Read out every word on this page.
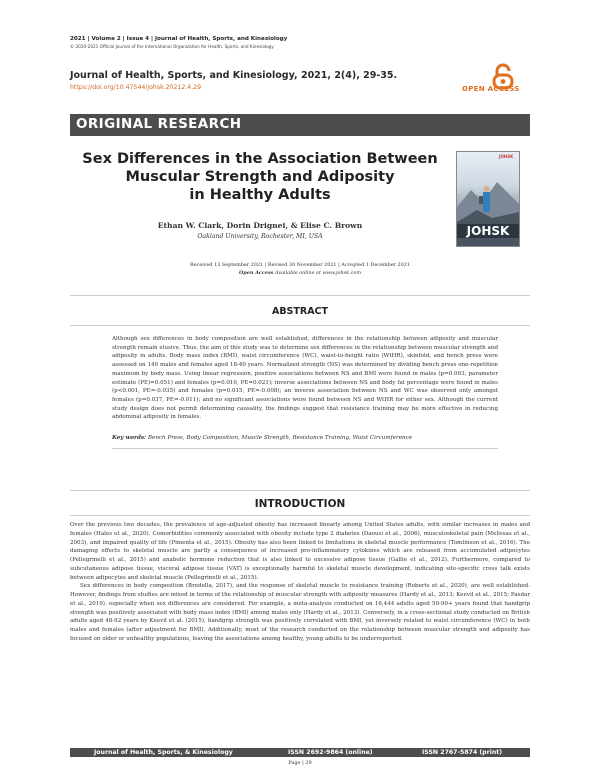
2021 | Volume 2 | Issue 4 | Journal of Health, Sports, and Kinesiology
© 2020-2021 Official Journal of the International Organization for Health, Sports, and Kinesiology
Journal of Health, Sports, and Kinesiology, 2021, 2(4), 29-35.
https://doi.org/10.47544/johsk.20212.4.29	OPEN ACCESS
ORIGINAL RESEARCH
Sex Differences in the Association Between
Muscular Strength and Adiposity
in Healthy Adults
JOHSK
JOHSK
Ethan W. Clark, Dorin Drignei, & Elise C. Brown
Oakland University, Rochester, MI, USA
Received 13 September 2021 | Revised 30 November 2021 | Accepted 1 December 2021
Open Access Available online at www.johsk.com
ABSTRACT
Although sex differences in body composition are well established, differences in the relationship between adiposity and muscular strength remain elusive. Thus, the aim of this study was to determine sex differences in the relationship between muscular strength and adiposity in adults. Body mass index (BMI), waist circumference (WC), waist-to-height ratio (WtHR), skinfold, and bench press were assessed on 140 males and females aged 18-40 years. Normalized strength (NS) was determined by dividing bench press one-repetition maximum by body mass. Using linear regression, positive associations between NS and BMI were found in males (p=0.003, parameter estimate (PE)=0.051) and females (p=0.010, PE=0.021); inverse associations between NS and body fat percentage were found in males (p<0.001, PE=-0.035) and females (p=0.015, PE=-0.008); an inverse association between NS and WC was observed only amongst females (p=0.037, PE=-0.011); and no significant associations were found between NS and WtHR for either sex. Although the current study design does not permit determining causality, the findings suggest that resistance training may be more effective in reducing abdominal adiposity in females.
Key words: Bench Press, Body Composition, Muscle Strength, Resistance Training, Waist Circumference
INTRODUCTION

Over the previous two decades, the prevalence of age-adjusted obesity has increased linearly among United States adults, with similar increases in males and females (Hales et al., 2020). Comorbidities commonly associated with obesity include type 2 diabetes (Daousi et al., 2006), musculoskeletal pain (Melissas et al., 2003), and impaired quality of life (Pimenta et al., 2015). Obesity has also been linked to limitations in skeletal muscle performance (Tomlinson et al., 2016). The damaging effects to skeletal muscle are partly a consequence of increased pro-inflammatory cytokines which are released from accumulated adipocytes (Pellegrinelli et al., 2015) and anabolic hormone reduction that is also linked to excessive adipose tissue (Gallie et al., 2012). Furthermore, compared to subcutaneous adipose tissue, visceral adipose tissue (VAT) is exceptionally harmful to skeletal muscle development, indicating site-specific cross talk exists between adipocytes and skeletal muscle (Pellegrinelli et al., 2015).

Sex differences in body composition (Bredella, 2017), and the response of skeletal muscle to resistance training (Roberts et al., 2020), are well established. However, findings from studies are mixed in terms of the relationship of muscular strength with adiposity measures (Hardy et al., 2013; Keevil et al., 2015; Pasdar et al., 2019), especially when sex differences are considered. For example, a meta-analysis conducted on 16,444 adults aged 50-90+ years found that handgrip strength was positively associated with body mass index (BMI) among males only (Hardy et al., 2013). Conversely, in a cross-sectional study conducted on British adults aged 48-92 years by Keevil et al. (2015), handgrip strength was positively correlated with BMI, yet inversely related to waist circumference (WC) in both males and females (after adjustment for BMI). Additionally, most of the research conducted on the relationship between muscular strength and adiposity has focused on older or unhealthy populations, leaving the associations among healthy, young adults to be underreported.

Journal of Health, Sports, & Kinesiology	ISSN 2692-9864 (online)	ISSN 2767-5874 (print)
Page | 29
